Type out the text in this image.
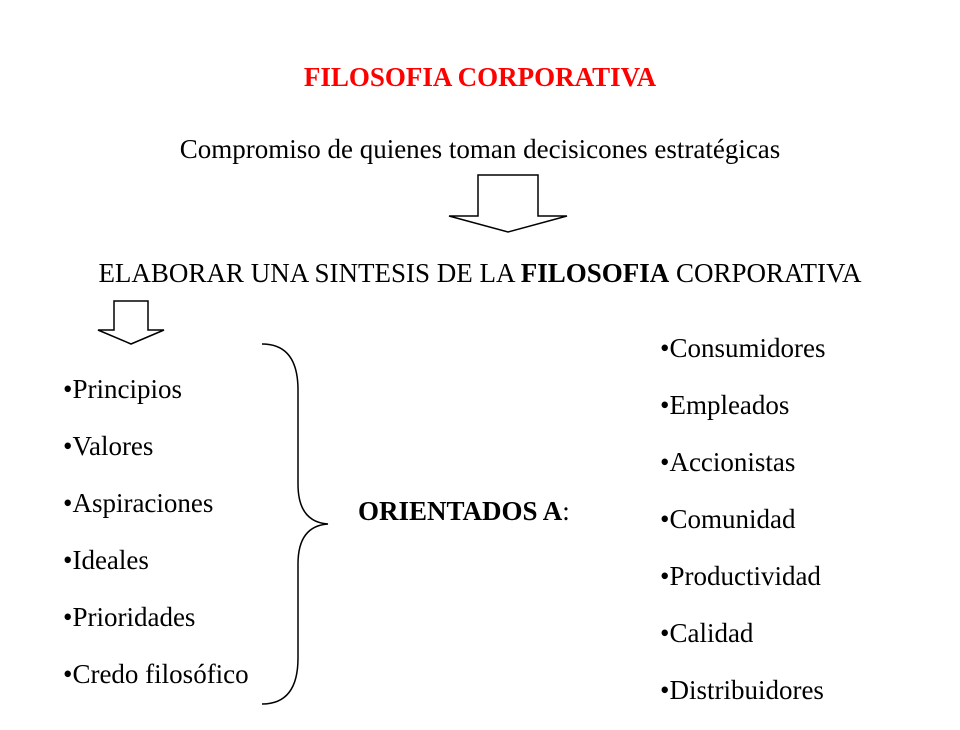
FILOSOFIA CORPORATIVA
Compromiso de quienes toman decisicones estratégicas
ELABORAR UNA SINTESIS DE LA FILOSOFIA CORPORATIVA
•Principios
•Valores
•Aspiraciones
•Ideales
•Prioridades
•Credo filosófico
ORIENTADOS A:
•Consumidores
•Empleados
•Accionistas
•Comunidad
•Productividad
•Calidad
•Distribuidores
